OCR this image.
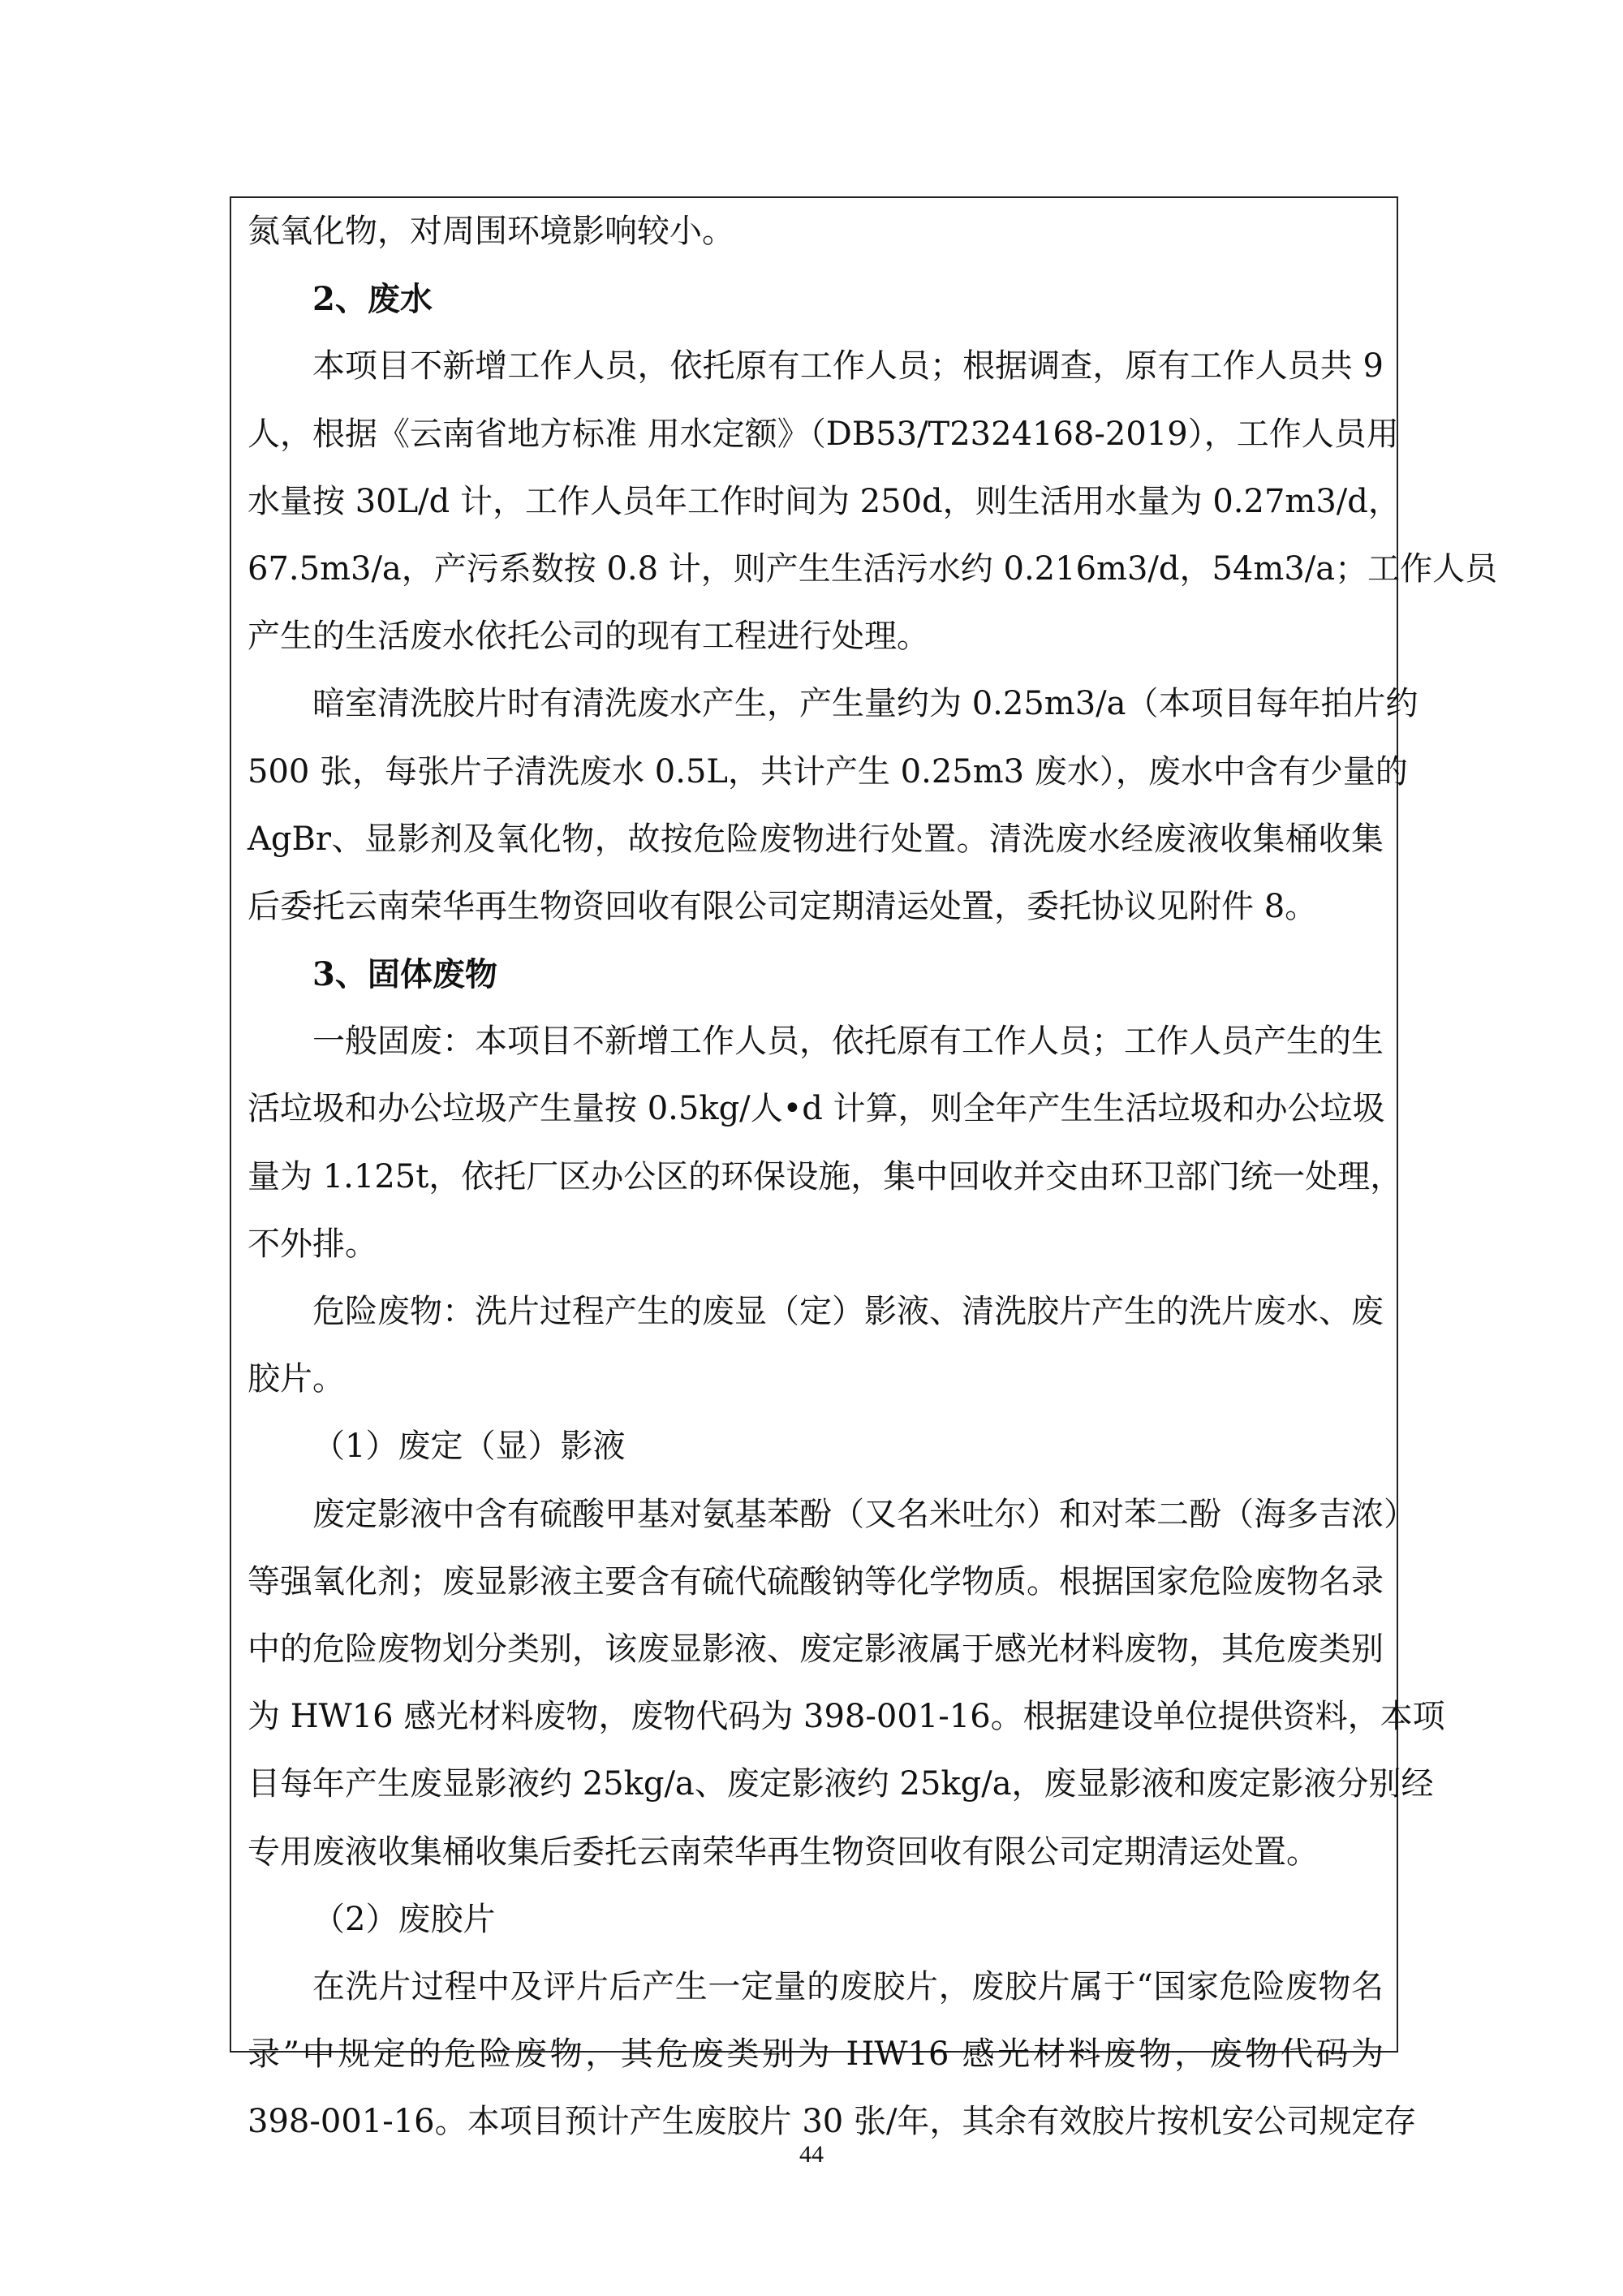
氮氧化物，对周围环境影响较小。

2、废水

本项目不新增工作人员，依托原有工作人员；根据调查，原有工作人员共 9

人，根据《云南省地方标准 用水定额》（DB53/T2324168-2019），工作人员用

水量按 30L/d 计，工作人员年工作时间为 250d，则生活用水量为 0.27m3/d，

67.5m3/a，产污系数按 0.8 计，则产生生活污水约 0.216m3/d，54m3/a；工作人员

产生的生活废水依托公司的现有工程进行处理。

暗室清洗胶片时有清洗废水产生，产生量约为 0.25m3/a（本项目每年拍片约

500 张，每张片子清洗废水 0.5L，共计产生 0.25m3 废水），废水中含有少量的

AgBr、显影剂及氧化物，故按危险废物进行处置。清洗废水经废液收集桶收集

后委托云南荣华再生物资回收有限公司定期清运处置，委托协议见附件 8。

3、固体废物

一般固废：本项目不新增工作人员，依托原有工作人员；工作人员产生的生

活垃圾和办公垃圾产生量按 0.5kg/人•d 计算，则全年产生生活垃圾和办公垃圾

量为 1.125t，依托厂区办公区的环保设施，集中回收并交由环卫部门统一处理，

不外排。

危险废物：洗片过程产生的废显（定）影液、清洗胶片产生的洗片废水、废

胶片。

（1）废定（显）影液

废定影液中含有硫酸甲基对氨基苯酚（又名米吐尔）和对苯二酚（海多吉浓）

等强氧化剂；废显影液主要含有硫代硫酸钠等化学物质。根据国家危险废物名录

中的危险废物划分类别，该废显影液、废定影液属于感光材料废物，其危废类别

为 HW16 感光材料废物，废物代码为 398-001-16。根据建设单位提供资料，本项

目每年产生废显影液约 25kg/a、废定影液约 25kg/a，废显影液和废定影液分别经

专用废液收集桶收集后委托云南荣华再生物资回收有限公司定期清运处置。

（2）废胶片

在洗片过程中及评片后产生一定量的废胶片，废胶片属于“国家危险废物名

录”中规定的危险废物，其危废类别为 HW16 感光材料废物，废物代码为

398-001-16。本项目预计产生废胶片 30 张/年，其余有效胶片按机安公司规定存

44
